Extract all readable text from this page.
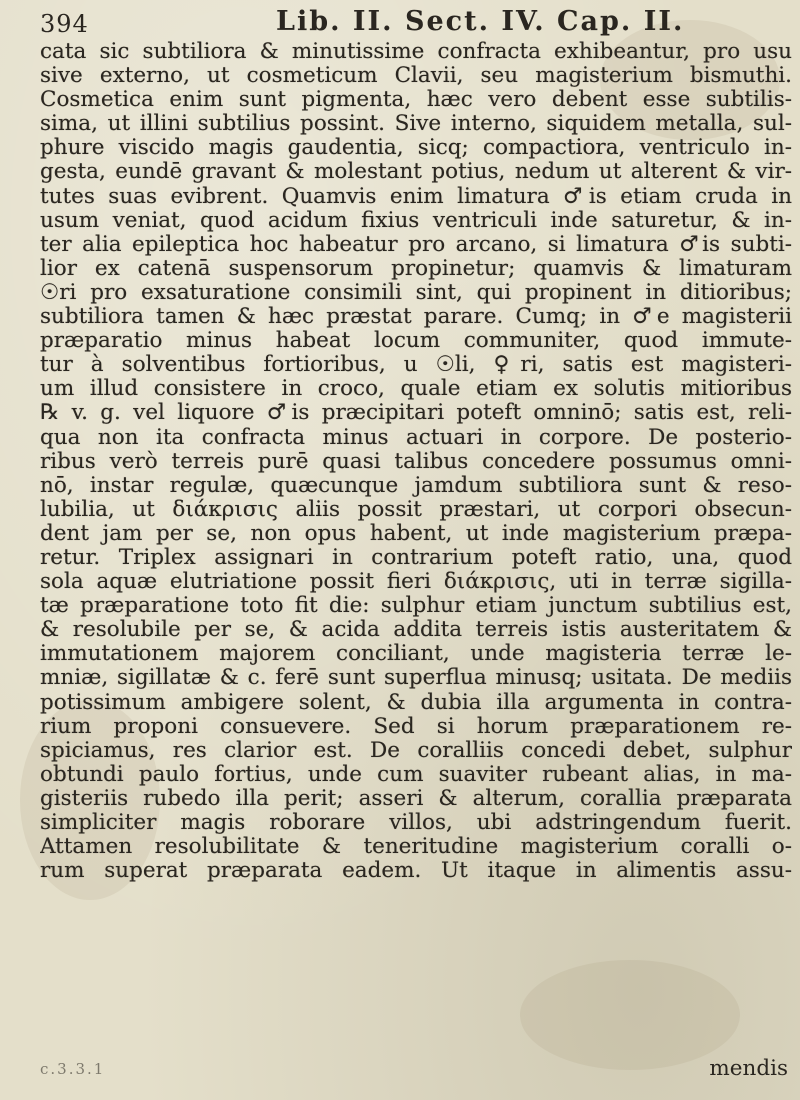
394	Lib. II. Sect. IV. Cap. II.
cata sic subtiliora & minutissime confracta exhibeantur, pro usu
sive externo, ut cosmeticum Clavii, seu magisterium bismuthi.
Cosmetica enim sunt pigmenta, hæc vero debent esse subtilis-
sima, ut illini subtilius possint. Sive interno, siquidem metalla, sul-
phure viscido magis gaudentia, sicq; compactiora, ventriculo in-
gesta, eundē gravant & molestant potius, nedum ut alterent & vir-
tutes suas evibrent. Quamvis enim limatura ♂is etiam cruda in
usum veniat, quod acidum fixius ventriculi inde saturetur, & in-
ter alia epileptica hoc habeatur pro arcano, si limatura ♂is subti-
lior ex catenā suspensorum propinetur; quamvis & limaturam
☉ri pro exsaturatione consimili sint, qui propinent in ditioribus;
subtiliora tamen & hæc præstat parare. Cumq; in ♂e magisterii
præparatio minus habeat locum communiter, quod immute-
tur à solventibus fortioribus, u ☉li, ♀ri, satis est magisteri-
um illud consistere in croco, quale etiam ex solutis mitioribus
℞ v. g. vel liquore ♂is præcipitari poteft omninō; satis est, reli-
qua non ita confracta minus actuari in corpore. De posterio-
ribus verò terreis purē quasi talibus concedere possumus omni-
nō, instar regulæ, quæcunque jamdum subtiliora sunt & reso-
lubilia, ut διάκρισις aliis possit præstari, ut corpori obsecun-
dent jam per se, non opus habent, ut inde magisterium præpa-
retur. Triplex assignari in contrarium poteft ratio, una, quod
sola aquæ elutriatione possit fieri διάκρισις, uti in terræ sigilla-
tæ præparatione toto fit die: sulphur etiam junctum subtilius est,
& resolubile per se, & acida addita terreis istis austeritatem &
immutationem majorem conciliant, unde magisteria terræ le-
mniæ, sigillatæ & c. ferē sunt superflua minusq; usitata. De mediis
potissimum ambigere solent, & dubia illa argumenta in contra-
rium proponi consuevere. Sed si horum præparationem re-
spiciamus, res clarior est. De coralliis concedi debet, sulphur
obtundi paulo fortius, unde cum suaviter rubeant alias, in ma-
gisteriis rubedo illa perit; asseri & alterum, corallia præparata
simpliciter magis roborare villos, ubi adstringendum fuerit.
Attamen resolubilitate & teneritudine magisterium coralli o-
rum superat præparata eadem. Ut itaque in alimentis assu-
c.3.3.1	mendis
